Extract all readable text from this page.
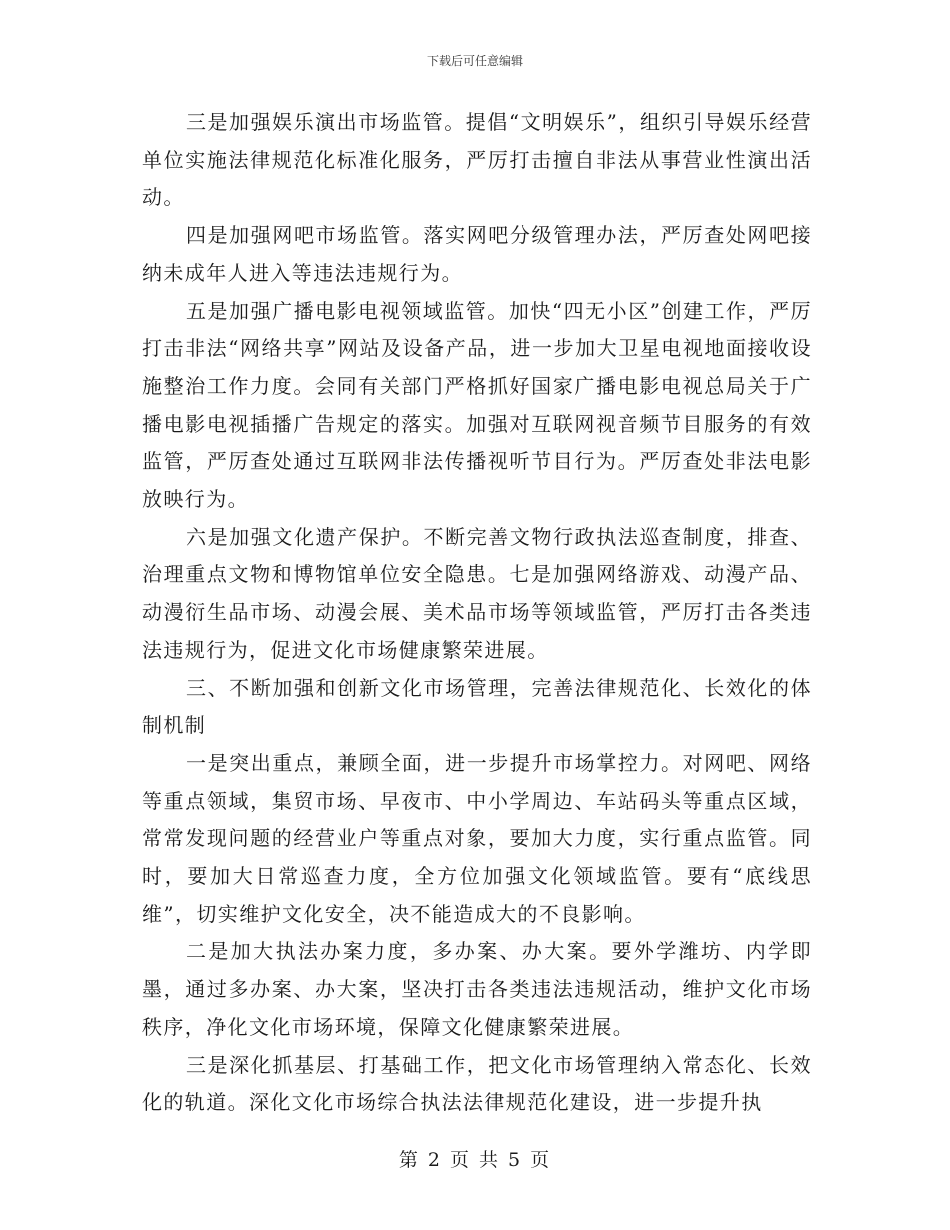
下载后可任意编辑

三是加强娱乐演出市场监管。提倡“文明娱乐”，组织引导娱乐经营单位实施法律规范化标准化服务，严厉打击擅自非法从事营业性演出活动。

四是加强网吧市场监管。落实网吧分级管理办法，严厉查处网吧接纳未成年人进入等违法违规行为。

五是加强广播电影电视领域监管。加快“四无小区”创建工作，严厉打击非法“网络共享”网站及设备产品，进一步加大卫星电视地面接收设施整治工作力度。会同有关部门严格抓好国家广播电影电视总局关于广播电影电视插播广告规定的落实。加强对互联网视音频节目服务的有效监管，严厉查处通过互联网非法传播视听节目行为。严厉查处非法电影放映行为。

六是加强文化遗产保护。不断完善文物行政执法巡查制度，排查、治理重点文物和博物馆单位安全隐患。七是加强网络游戏、动漫产品、动漫衍生品市场、动漫会展、美术品市场等领域监管，严厉打击各类违法违规行为，促进文化市场健康繁荣进展。

三、不断加强和创新文化市场管理，完善法律规范化、长效化的体制机制

一是突出重点，兼顾全面，进一步提升市场掌控力。对网吧、网络等重点领域，集贸市场、早夜市、中小学周边、车站码头等重点区域，常常发现问题的经营业户等重点对象，要加大力度，实行重点监管。同时，要加大日常巡查力度，全方位加强文化领域监管。要有“底线思维”，切实维护文化安全，决不能造成大的不良影响。

二是加大执法办案力度，多办案、办大案。要外学潍坊、内学即墨，通过多办案、办大案，坚决打击各类违法违规活动，维护文化市场秩序，净化文化市场环境，保障文化健康繁荣进展。

三是深化抓基层、打基础工作，把文化市场管理纳入常态化、长效化的轨道。深化文化市场综合执法法律规范化建设，进一步提升执

第 2 页 共 5 页
